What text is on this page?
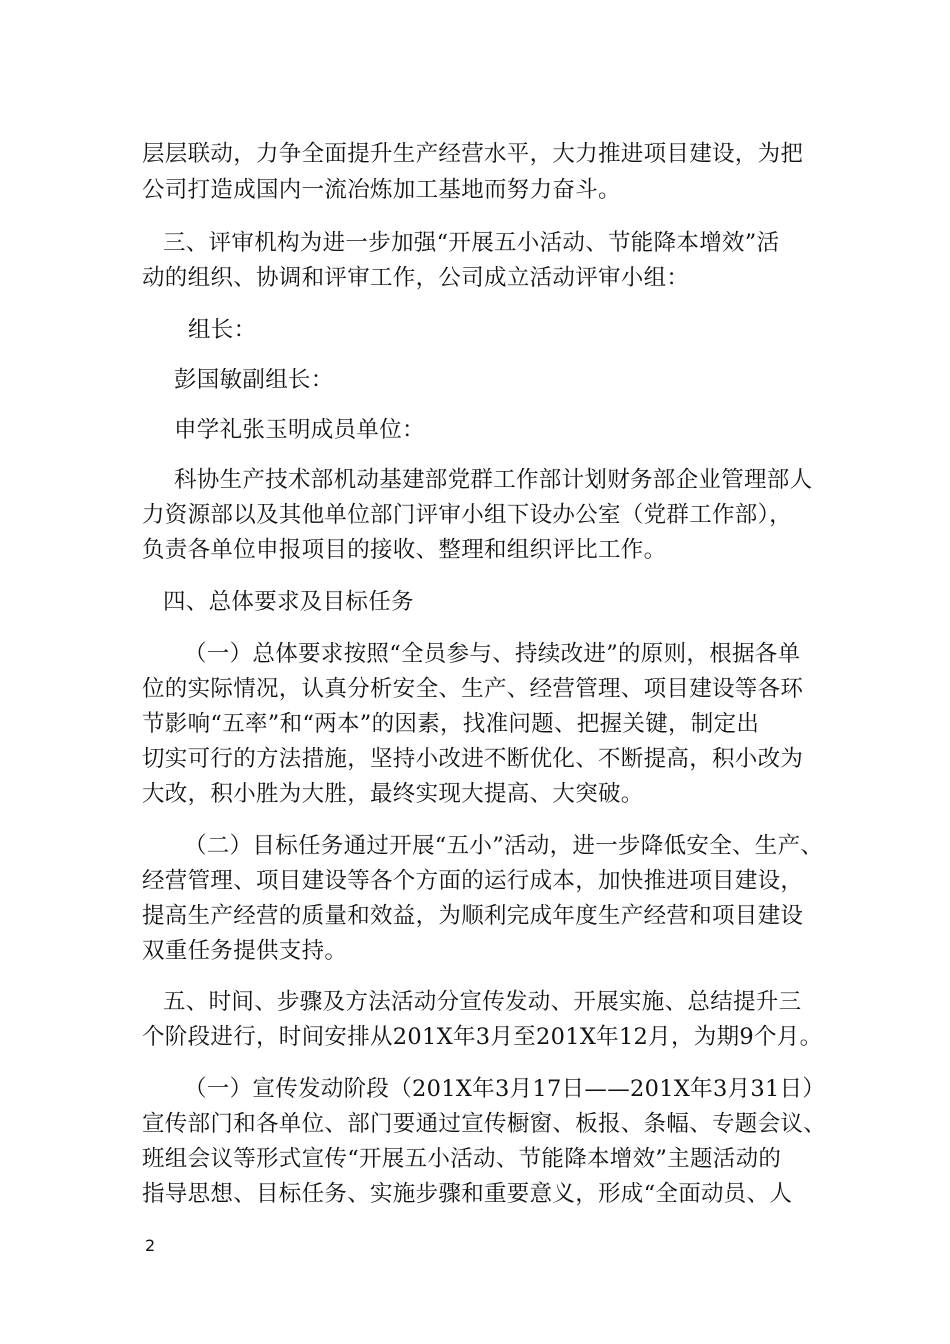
层层联动，力争全面提升生产经营水平，大力推进项目建设，为把
公司打造成国内一流冶炼加工基地而努力奋斗。
三、评审机构为进一步加强“开展五小活动、节能降本增效”活
动的组织、协调和评审工作，公司成立活动评审小组：
组长：
彭国敏副组长：
申学礼张玉明成员单位：
科协生产技术部机动基建部党群工作部计划财务部企业管理部人
力资源部以及其他单位部门评审小组下设办公室（党群工作部），
负责各单位申报项目的接收、整理和组织评比工作。
四、总体要求及目标任务
（一）总体要求按照“全员参与、持续改进”的原则，根据各单
位的实际情况，认真分析安全、生产、经营管理、项目建设等各环
节影响“五率”和“两本”的因素，找准问题、把握关键，制定出
切实可行的方法措施，坚持小改进不断优化、不断提高，积小改为
大改，积小胜为大胜，最终实现大提高、大突破。
（二）目标任务通过开展“五小”活动，进一步降低安全、生产、
经营管理、项目建设等各个方面的运行成本，加快推进项目建设，
提高生产经营的质量和效益，为顺利完成年度生产经营和项目建设
双重任务提供支持。
五、时间、步骤及方法活动分宣传发动、开展实施、总结提升三
个阶段进行，时间安排从201X年3月至201X年12月，为期9个月。
（一）宣传发动阶段（201X年3月17日——201X年3月31日）
宣传部门和各单位、部门要通过宣传橱窗、板报、条幅、专题会议、
班组会议等形式宣传“开展五小活动、节能降本增效”主题活动的
指导思想、目标任务、实施步骤和重要意义，形成“全面动员、人
2
